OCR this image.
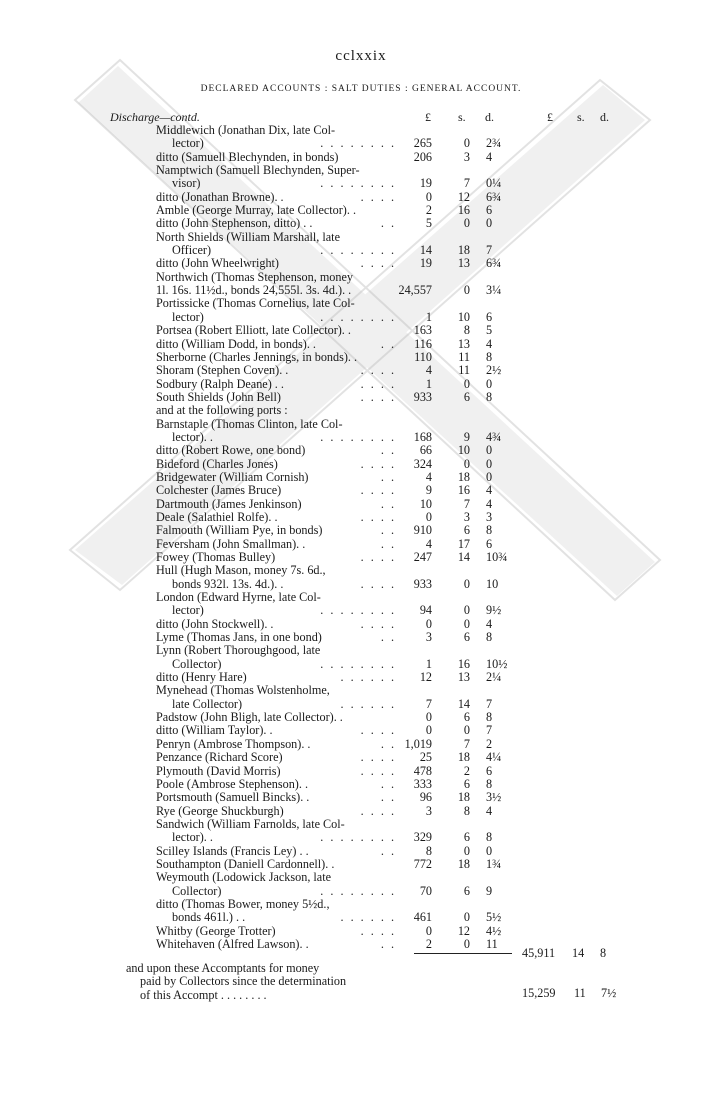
cclxxix
DECLARED ACCOUNTS : SALT DUTIES : GENERAL ACCOUNT.
Discharge—contd.	£ s. d.	£ s. d.
Middlewich (Jonathan Dix, late Col-
lector)	. . . . . . . . 265	0 2¾
ditto (Samuell Blechynden, in bonds)	206	3 4
Namptwich (Samuell Blechynden, Super-
visor)	. . . . . . . . 19	7 0¼
ditto (Jonathan Browne). .	. . . . 0	12 6¾
Amble (George Murray, late Collector). .	2	16 6
ditto (John Stephenson, ditto) . .	. . 5	0 0
North Shields (William Marshall, late
Officer)	. . . . . . . . 14	18 7
ditto (John Wheelwright)	. . . . 19	13 6¾
Northwich (Thomas Stephenson, money
1l. 16s. 11½d., bonds 24,555l. 3s. 4d.). .	24,557	0 3¼
Portissicke (Thomas Cornelius, late Col-
lector)	. . . . . . . . 1	10 6
Portsea (Robert Elliott, late Collector). .	163	8 5
ditto (William Dodd, in bonds). .	. . 116	13 4
Sherborne (Charles Jennings, in bonds). .	110	11 8
Shoram (Stephen Coven). .	. . . . 4	11 2½
Sodbury (Ralph Deane) . .	. . . . 1	0 0
South Shields (John Bell)	. . . . 933	6 8
and at the following ports :
Barnstaple (Thomas Clinton, late Col-
lector). .	. . . . . . . . 168	9 4¾
ditto (Robert Rowe, one bond)	. . 66	10 0
Bideford (Charles Jones)	. . . . 324	0 0
Bridgewater (William Cornish)	. . 4	18 0
Colchester (James Bruce)	. . . . 9	16 4
Dartmouth (James Jenkinson)	. . 10	7 4
Deale (Salathiel Rolfe). .	. . . . 0	3 3
Falmouth (William Pye, in bonds)	. . 910	6 8
Feversham (John Smallman). .	. . 4	17 6
Fowey (Thomas Bulley)	. . . . 247	14 10¾
Hull (Hugh Mason, money 7s. 6d.,
bonds 932l. 13s. 4d.). .	. . . . 933	0 10
London (Edward Hyrne, late Col-
lector)	. . . . . . . . 94	0 9½
ditto (John Stockwell). .	. . . . 0	0 4
Lyme (Thomas Jans, in one bond)	. . 3	6 8
Lynn (Robert Thoroughgood, late
Collector)	. . . . . . . . 1	16 10½
ditto (Henry Hare)	. . . . . . 12	13 2¼
Mynehead (Thomas Wolstenholme,
late Collector)	. . . . . . 7	14 7
Padstow (John Bligh, late Collector). .	0	6 8
ditto (William Taylor). .	. . . . 0	0 7
Penryn (Ambrose Thompson). .	. . 1,019	7 2
Penzance (Richard Score)	. . . . 25	18 4¼
Plymouth (David Morris)	. . . . 478	2 6
Poole (Ambrose Stephenson). .	. . 333	6 8
Portsmouth (Samuell Bincks). .	. . 96	18 3½
Rye (George Shuckburgh)	. . . . 3	8 4
Sandwich (William Farnolds, late Col-
lector). .	. . . . . . . . 329	6 8
Scilley Islands (Francis Ley) . .	. . 8	0 0
Southampton (Daniell Cardonnell). .	772	18 1¾
Weymouth (Lodowick Jackson, late
Collector)	. . . . . . . . 70	6 9
ditto (Thomas Bower, money 5½d.,
bonds 461l.) . .	. . . . . . 461	0 5½
Whitby (George Trotter)	. . . . 0	12 4½
Whitehaven (Alfred Lawson). .	. . 2	0 11
45,911 14 8
and upon these Accomptants for money
paid by Collectors since the determination
of this Accompt . . . . . . . .	15,259 11 7½
